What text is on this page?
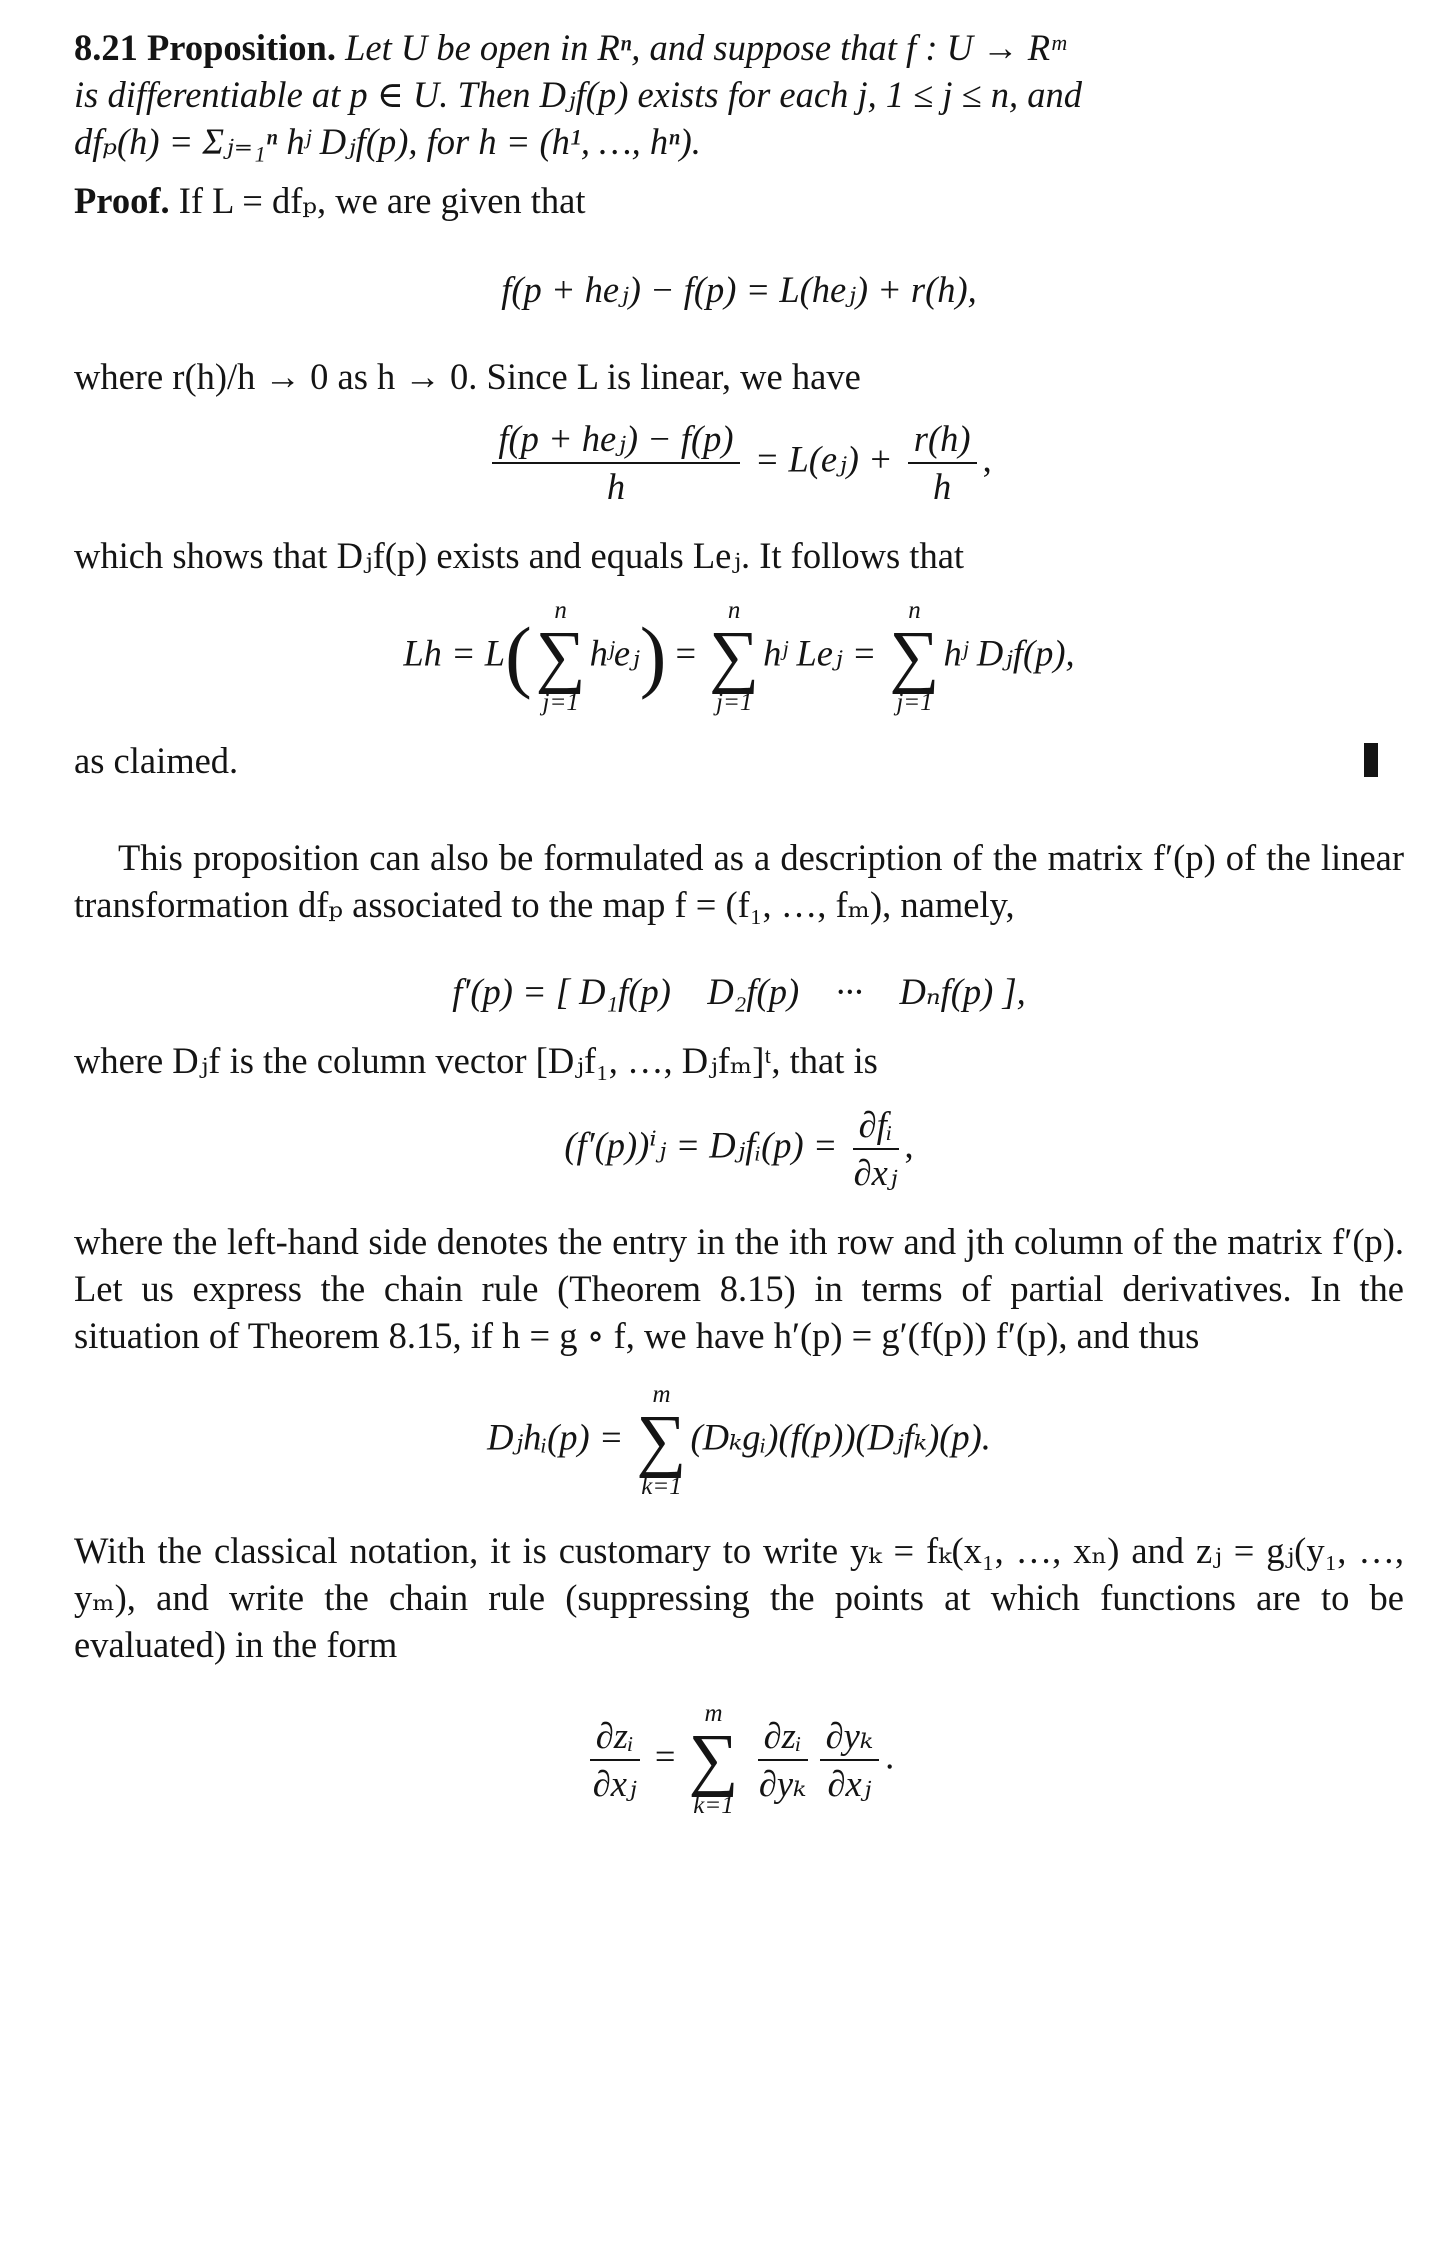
8.21 Proposition. Let U be open in Rⁿ, and suppose that f : U → Rᵐ
is differentiable at p ∈ U. Then Dⱼf(p) exists for each j, 1 ≤ j ≤ n, and
dfₚ(h) = Σⱼ₌₁ⁿ hʲ Dⱼf(p), for h = (h¹, …, hⁿ).

Proof. If L = dfₚ, we are given that

f(p + heⱼ) − f(p) = L(heⱼ) + r(h),

where r(h)/h → 0 as h → 0. Since L is linear, we have

$\frac{\text{f(p + heⱼ) − f(p)}}{h}$ = L(eⱼ) + $\frac{r(h)}{h}$ ,

which shows that Dⱼf(p) exists and equals Leⱼ. It follows that

Lh = L(
n
∑
j=1
hʲeⱼ) =
n
∑
j=1
hʲ Leⱼ =
n
∑
j=1
hʲ Dⱼf(p),

as claimed.

This proposition can also be formulated as a description of the matrix f′(p) of the linear transformation dfₚ associated to the map f = (f₁, …, fₘ), namely,

f′(p) = [ D₁f(p)    D₂f(p)    ···    Dₙf(p) ],

where Dⱼf is the column vector [Dⱼf₁, …, Dⱼfₘ]ᵗ, that is

(f′(p))ⁱⱼ = Dⱼfᵢ(p) = $\frac{\text{∂fᵢ}}{\text{∂xⱼ}}$ ,

where the left-hand side denotes the entry in the ith row and jth column of the matrix f′(p). Let us express the chain rule (Theorem 8.15) in terms of partial derivatives. In the situation of Theorem 8.15, if h = g ∘ f, we have h′(p) = g′(f(p)) f′(p), and thus

Dⱼhᵢ(p) =
m
∑
k=1
(Dₖgᵢ)(f(p))(Dⱼfₖ)(p).

With the classical notation, it is customary to write yₖ = fₖ(x₁, …, xₙ) and zⱼ = gⱼ(y₁, …, yₘ), and write the chain rule (suppressing the points at which functions are to be evaluated) in the form

$\frac{\text{∂zᵢ}}{\text{∂xⱼ}}$ =
m
∑
k=1
$\frac{\text{∂zᵢ}}{\text{∂yₖ}} \frac{\text{∂yₖ}}{\text{∂xⱼ}}$ .
